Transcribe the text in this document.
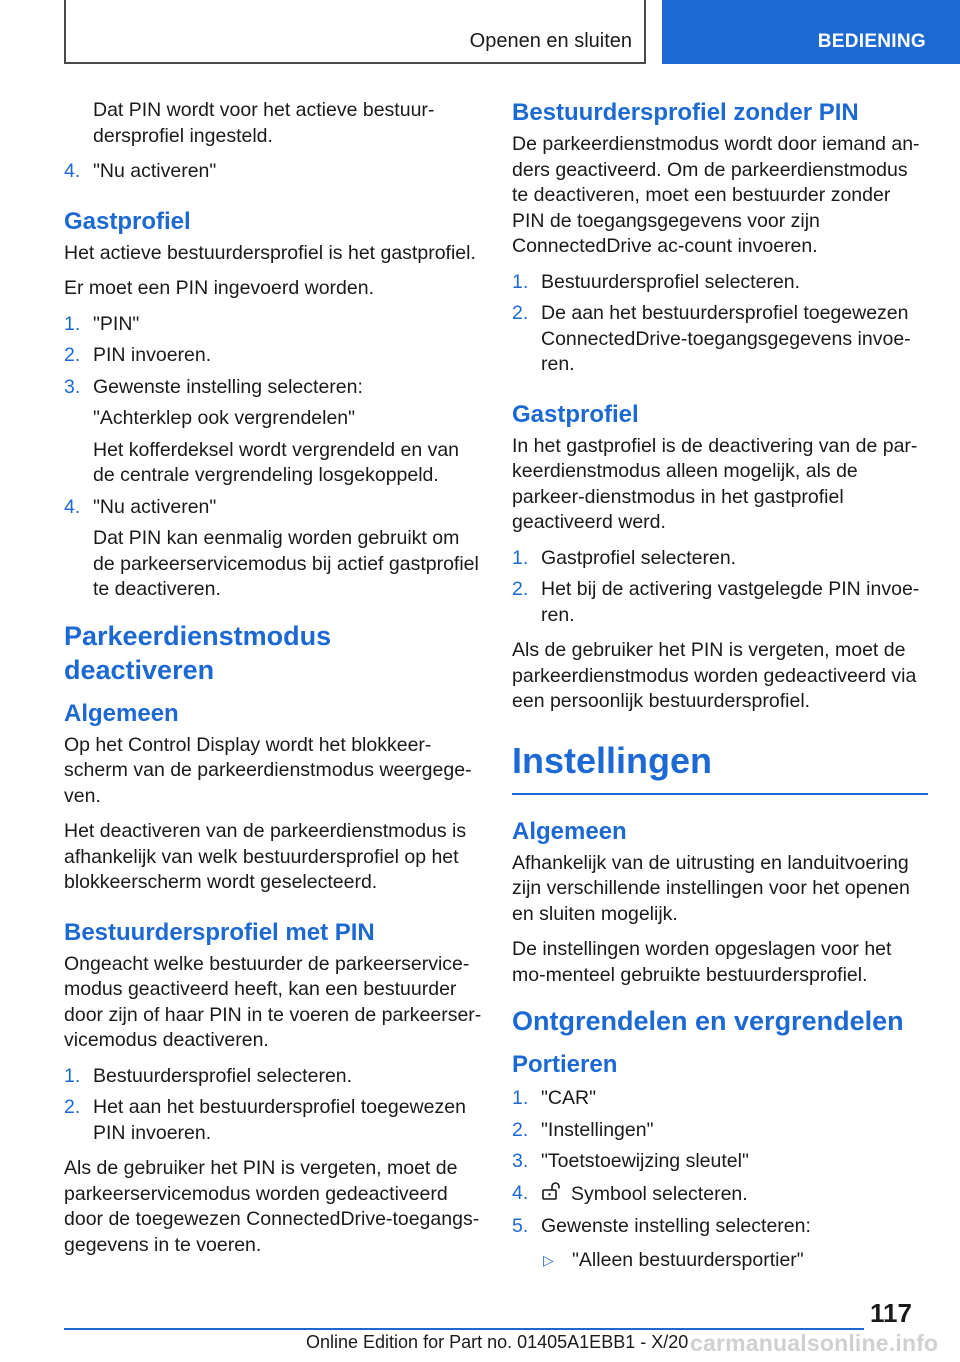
Openen en sluiten	BEDIENING

Dat PIN wordt voor het actieve bestuur-dersprofiel ingesteld.

4. "Nu activeren"

Gastprofiel

Het actieve bestuurdersprofiel is het gastprofiel.

Er moet een PIN ingevoerd worden.

1. "PIN"

2. PIN invoeren.

3. Gewenste instelling selecteren:

"Achterklep ook vergrendelen"

Het kofferdeksel wordt vergrendeld en van de centrale vergrendeling losgekoppeld.

4. "Nu activeren"

Dat PIN kan eenmalig worden gebruikt om de parkeerservicemodus bij actief gastprofiel te deactiveren.

Parkeerdienstmodus deactiveren
Algemeen

Op het Control Display wordt het blokkeer-scherm van de parkeerdienstmodus weergege-ven.

Het deactiveren van de parkeerdienstmodus is afhankelijk van welk bestuurdersprofiel op het blokkeerscherm wordt geselecteerd.

Bestuurdersprofiel met PIN

Ongeacht welke bestuurder de parkeerservice-modus geactiveerd heeft, kan een bestuurder door zijn of haar PIN in te voeren de parkeerser-vicemodus deactiveren.

1. Bestuurdersprofiel selecteren.

2. Het aan het bestuurdersprofiel toegewezen PIN invoeren.

Als de gebruiker het PIN is vergeten, moet de parkeerservicemodus worden gedeactiveerd door de toegewezen ConnectedDrive-toegangs-gegevens in te voeren.

Bestuurdersprofiel zonder PIN

De parkeerdienstmodus wordt door iemand an-ders geactiveerd. Om de parkeerdienstmodus te deactiveren, moet een bestuurder zonder PIN de toegangsgegevens voor zijn ConnectedDrive ac-count invoeren.

1. Bestuurdersprofiel selecteren.

2. De aan het bestuurdersprofiel toegewezen ConnectedDrive-toegangsgegevens invoe-ren.

Gastprofiel

In het gastprofiel is de deactivering van de par-keerdienstmodus alleen mogelijk, als de parkeer-dienstmodus in het gastprofiel geactiveerd werd.

1. Gastprofiel selecteren.

2. Het bij de activering vastgelegde PIN invoe-ren.

Als de gebruiker het PIN is vergeten, moet de parkeerdienstmodus worden gedeactiveerd via een persoonlijk bestuurdersprofiel.

Instellingen
Algemeen

Afhankelijk van de uitrusting en landuitvoering zijn verschillende instellingen voor het openen en sluiten mogelijk.

De instellingen worden opgeslagen voor het mo-menteel gebruikte bestuurdersprofiel.

Ontgrendelen en vergrendelen
Portieren
1. "CAR"

2. "Instellingen"

3. "Toetstoewijzing sleutel"

4.	Symbool selecteren.

5. Gewenste instelling selecteren:

▷ "Alleen bestuurdersportier"
117
Online Edition for Part no. 01405A1EBB1 - X/20 carmanualsonline.info
